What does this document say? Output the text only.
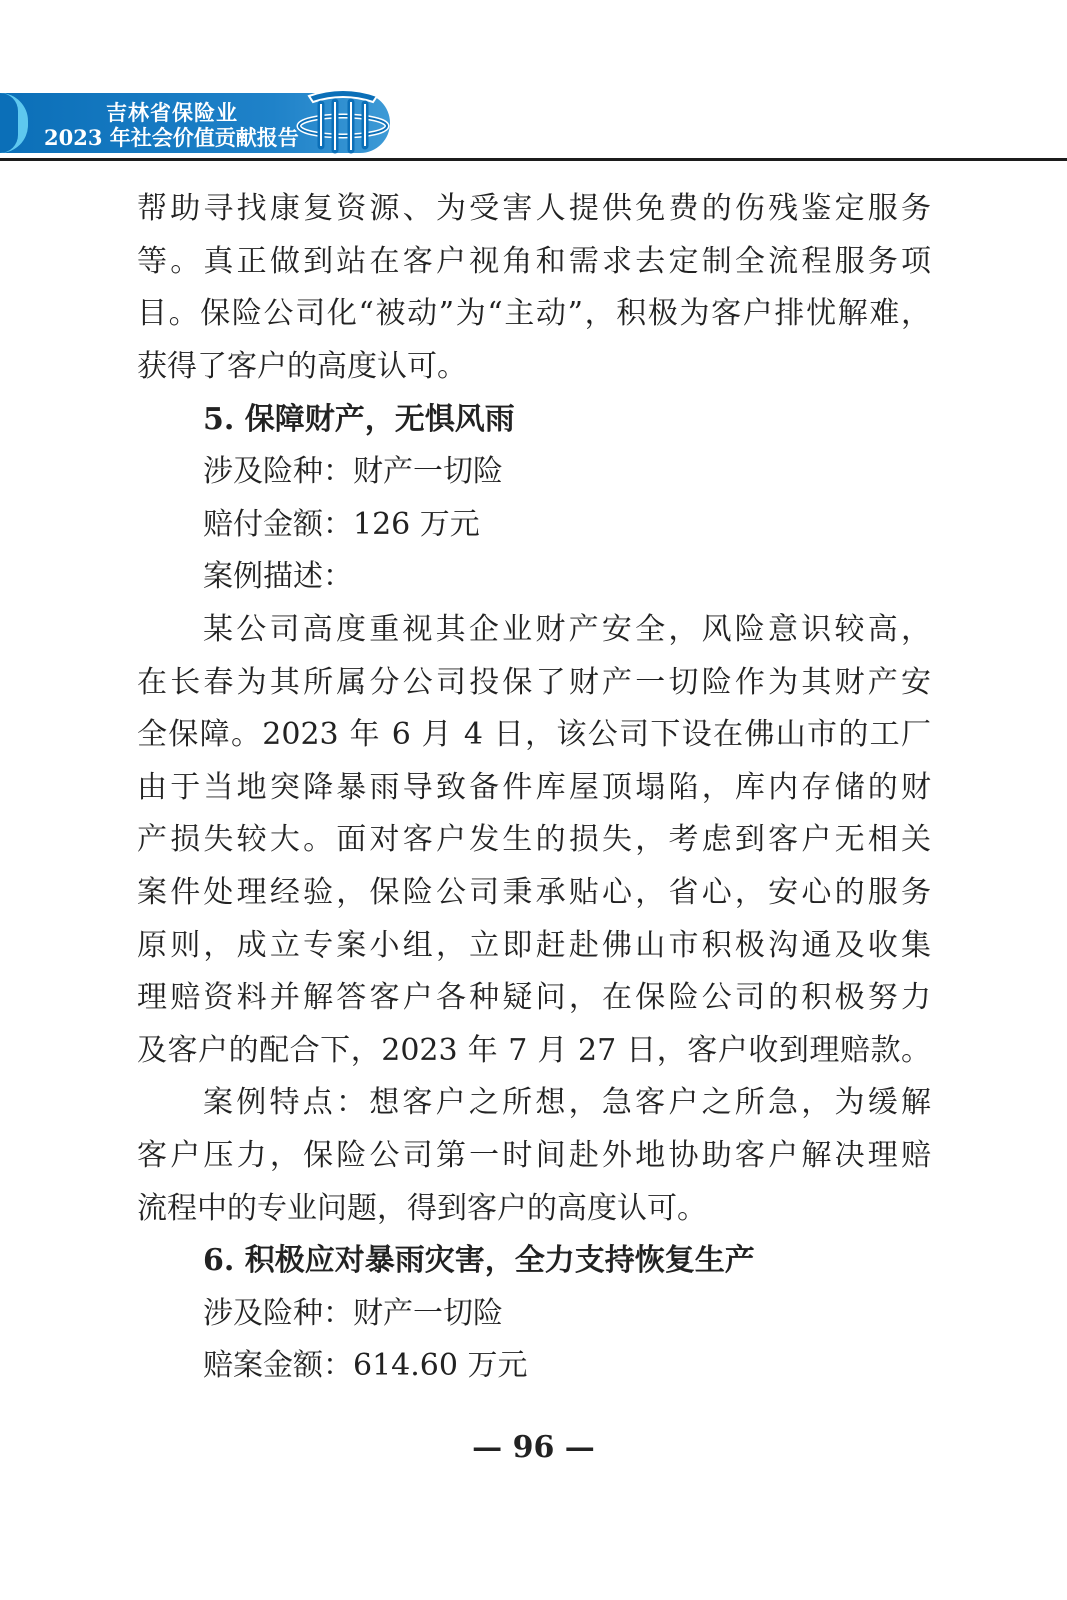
吉林省保险业
2023 年社会价值贡献报告
帮助寻找康复资源、为受害人提供免费的伤残鉴定服务
等。真正做到站在客户视角和需求去定制全流程服务项
目。保险公司化“被动”为“主动”，积极为客户排忧解难，
获得了客户的高度认可。
5. 保障财产，无惧风雨
涉及险种：财产一切险
赔付金额：126 万元
案例描述：
某公司高度重视其企业财产安全，风险意识较高，
在长春为其所属分公司投保了财产一切险作为其财产安
全保障。2023 年 6 月 4 日，该公司下设在佛山市的工厂
由于当地突降暴雨导致备件库屋顶塌陷，库内存储的财
产损失较大。面对客户发生的损失，考虑到客户无相关
案件处理经验，保险公司秉承贴心，省心，安心的服务
原则，成立专案小组，立即赶赴佛山市积极沟通及收集
理赔资料并解答客户各种疑问，在保险公司的积极努力
及客户的配合下，2023 年 7 月 27 日，客户收到理赔款。
案例特点：想客户之所想，急客户之所急，为缓解
客户压力，保险公司第一时间赴外地协助客户解决理赔
流程中的专业问题，得到客户的高度认可。
6. 积极应对暴雨灾害，全力支持恢复生产
涉及险种：财产一切险
赔案金额：614.60 万元
— 96 —
